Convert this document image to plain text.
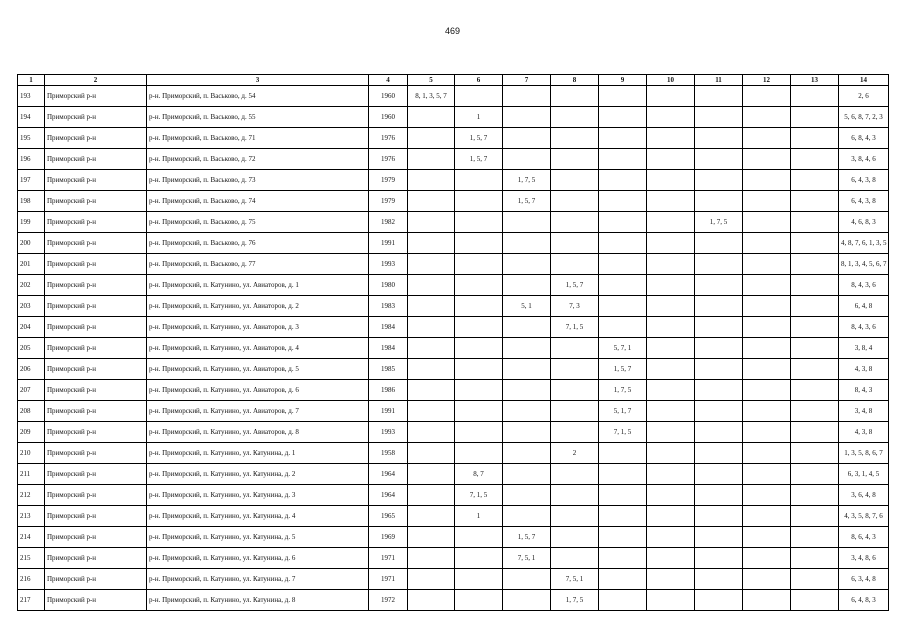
469
1	2	3	4	5	6	7	8	9	10	11	12	13	14
193	Приморский р-н	р-н. Приморский, п. Васьково, д. 54	1960	8, 1, 3, 5, 7									2, 6
194	Приморский р-н	р-н. Приморский, п. Васьково, д. 55	1960		1								5, 6, 8, 7, 2, 3
195	Приморский р-н	р-н. Приморский, п. Васьково, д. 71	1976		1, 5, 7								6, 8, 4, 3
196	Приморский р-н	р-н. Приморский, п. Васьково, д. 72	1976		1, 5, 7								3, 8, 4, 6
197	Приморский р-н	р-н. Приморский, п. Васьково, д. 73	1979			1, 7, 5							6, 4, 3, 8
198	Приморский р-н	р-н. Приморский, п. Васьково, д. 74	1979			1, 5, 7							6, 4, 3, 8
199	Приморский р-н	р-н. Приморский, п. Васьково, д. 75	1982							1, 7, 5			4, 6, 8, 3
200	Приморский р-н	р-н. Приморский, п. Васьково, д. 76	1991										4, 8, 7, 6, 1, 3, 5
201	Приморский р-н	р-н. Приморский, п. Васьково, д. 77	1993										8, 1, 3, 4, 5, 6, 7
202	Приморский р-н	р-н. Приморский, п. Катунино, ул. Авиаторов, д. 1	1980				1, 5, 7						8, 4, 3, 6
203	Приморский р-н	р-н. Приморский, п. Катунино, ул. Авиаторов, д. 2	1983			5, 1	7, 3						6, 4, 8
204	Приморский р-н	р-н. Приморский, п. Катунино, ул. Авиаторов, д. 3	1984				7, 1, 5						8, 4, 3, 6
205	Приморский р-н	р-н. Приморский, п. Катунино, ул. Авиаторов, д. 4	1984					5, 7, 1					3, 8, 4
206	Приморский р-н	р-н. Приморский, п. Катунино, ул. Авиаторов, д. 5	1985					1, 5, 7					4, 3, 8
207	Приморский р-н	р-н. Приморский, п. Катунино, ул. Авиаторов, д. 6	1986					1, 7, 5					8, 4, 3
208	Приморский р-н	р-н. Приморский, п. Катунино, ул. Авиаторов, д. 7	1991					5, 1, 7					3, 4, 8
209	Приморский р-н	р-н. Приморский, п. Катунино, ул. Авиаторов, д. 8	1993					7, 1, 5					4, 3, 8
210	Приморский р-н	р-н. Приморский, п. Катунино, ул. Катунина, д. 1	1958				2						1, 3, 5, 8, 6, 7
211	Приморский р-н	р-н. Приморский, п. Катунино, ул. Катунина, д. 2	1964		8, 7								6, 3, 1, 4, 5
212	Приморский р-н	р-н. Приморский, п. Катунино, ул. Катунина, д. 3	1964		7, 1, 5								3, 6, 4, 8
213	Приморский р-н	р-н. Приморский, п. Катунино, ул. Катунина, д. 4	1965		1								4, 3, 5, 8, 7, 6
214	Приморский р-н	р-н. Приморский, п. Катунино, ул. Катунина, д. 5	1969			1, 5, 7							8, 6, 4, 3
215	Приморский р-н	р-н. Приморский, п. Катунино, ул. Катунина, д. 6	1971			7, 5, 1							3, 4, 8, 6
216	Приморский р-н	р-н. Приморский, п. Катунино, ул. Катунина, д. 7	1971				7, 5, 1						6, 3, 4, 8
217	Приморский р-н	р-н. Приморский, п. Катунино, ул. Катунина, д. 8	1972				1, 7, 5						6, 4, 8, 3
